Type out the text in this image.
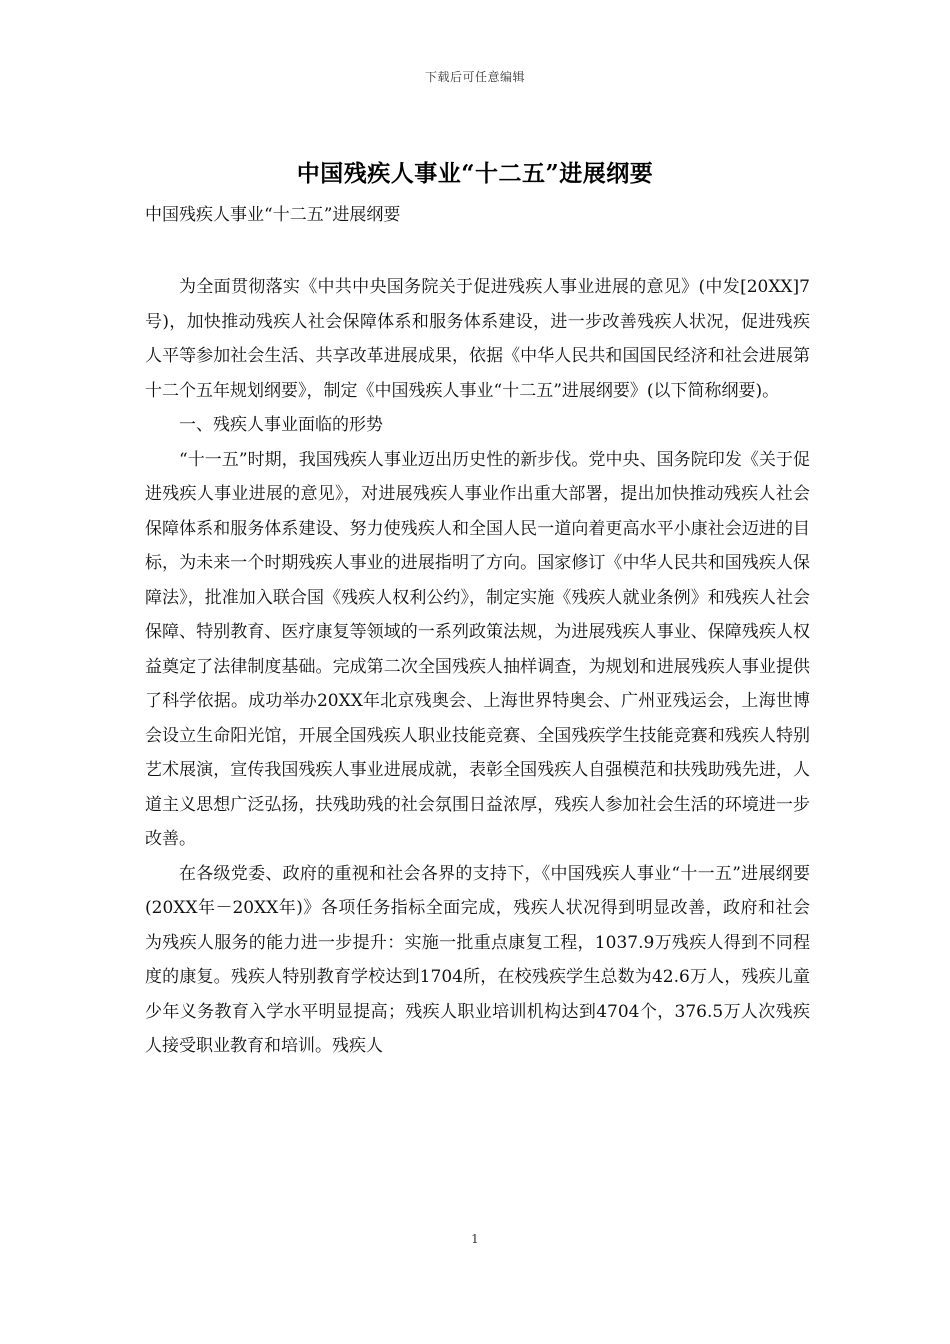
下载后可任意编辑
中国残疾人事业“十二五”进展纲要
中国残疾人事业“十二五”进展纲要

为全面贯彻落实《中共中央国务院关于促进残疾人事业进展的意见》(中发[20XX]7号)，加快推动残疾人社会保障体系和服务体系建设，进一步改善残疾人状况，促进残疾人平等参加社会生活、共享改革进展成果，依据《中华人民共和国国民经济和社会进展第十二个五年规划纲要》，制定《中国残疾人事业“十二五”进展纲要》(以下简称纲要)。

一、残疾人事业面临的形势

“十一五”时期，我国残疾人事业迈出历史性的新步伐。党中央、国务院印发《关于促进残疾人事业进展的意见》，对进展残疾人事业作出重大部署，提出加快推动残疾人社会保障体系和服务体系建设、努力使残疾人和全国人民一道向着更高水平小康社会迈进的目标，为未来一个时期残疾人事业的进展指明了方向。国家修订《中华人民共和国残疾人保障法》，批准加入联合国《残疾人权利公约》，制定实施《残疾人就业条例》和残疾人社会保障、特别教育、医疗康复等领域的一系列政策法规，为进展残疾人事业、保障残疾人权益奠定了法律制度基础。完成第二次全国残疾人抽样调查，为规划和进展残疾人事业提供了科学依据。成功举办20XX年北京残奥会、上海世界特奥会、广州亚残运会，上海世博会设立生命阳光馆，开展全国残疾人职业技能竞赛、全国残疾学生技能竞赛和残疾人特别艺术展演，宣传我国残疾人事业进展成就，表彰全国残疾人自强模范和扶残助残先进，人道主义思想广泛弘扬，扶残助残的社会氛围日益浓厚，残疾人参加社会生活的环境进一步改善。

在各级党委、政府的重视和社会各界的支持下，《中国残疾人事业“十一五”进展纲要(20XX年－20XX年)》各项任务指标全面完成，残疾人状况得到明显改善，政府和社会为残疾人服务的能力进一步提升：实施一批重点康复工程，1037.9万残疾人得到不同程度的康复。残疾人特别教育学校达到1704所，在校残疾学生总数为42.6万人，残疾儿童少年义务教育入学水平明显提高；残疾人职业培训机构达到4704个，376.5万人次残疾人接受职业教育和培训。残疾人

1
